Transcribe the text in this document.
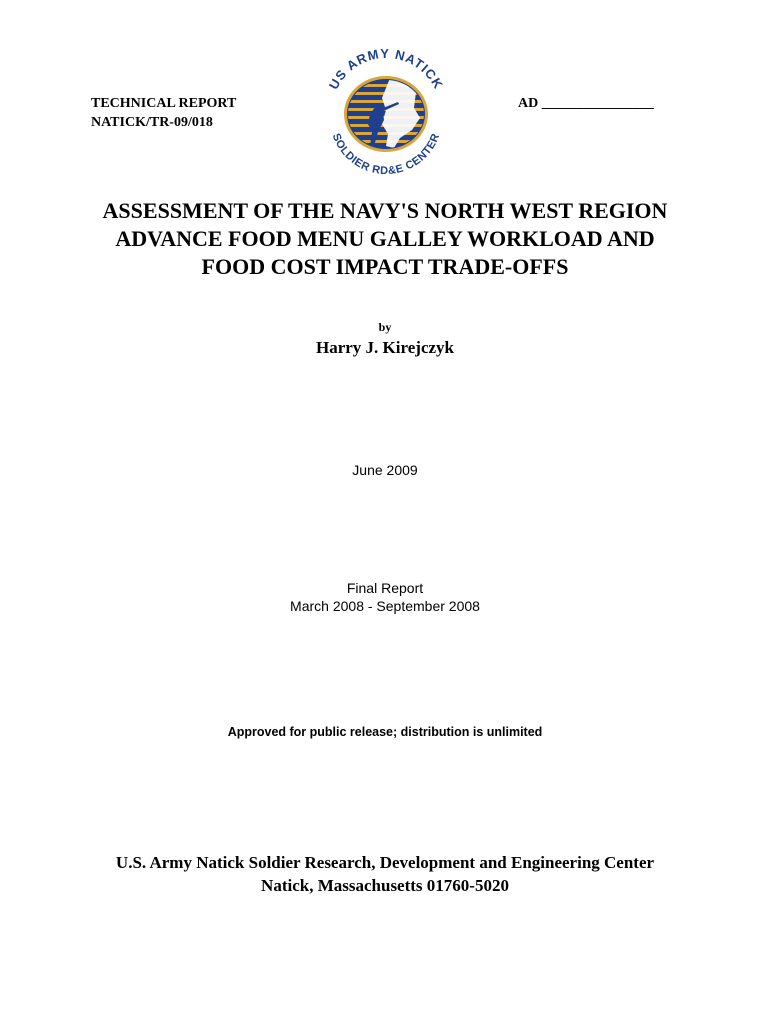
TECHNICAL REPORT
NATICK/TR-09/018
AD ________________
US ARMY NATICK
SOLDIER RD&E CENTER
ASSESSMENT OF THE NAVY'S NORTH WEST REGION
ADVANCE FOOD MENU GALLEY WORKLOAD AND
FOOD COST IMPACT TRADE-OFFS
by
Harry J. Kirejczyk
June 2009
Final Report
March 2008 - September 2008
Approved for public release; distribution is unlimited
U.S. Army Natick Soldier Research, Development and Engineering Center
Natick, Massachusetts 01760-5020
